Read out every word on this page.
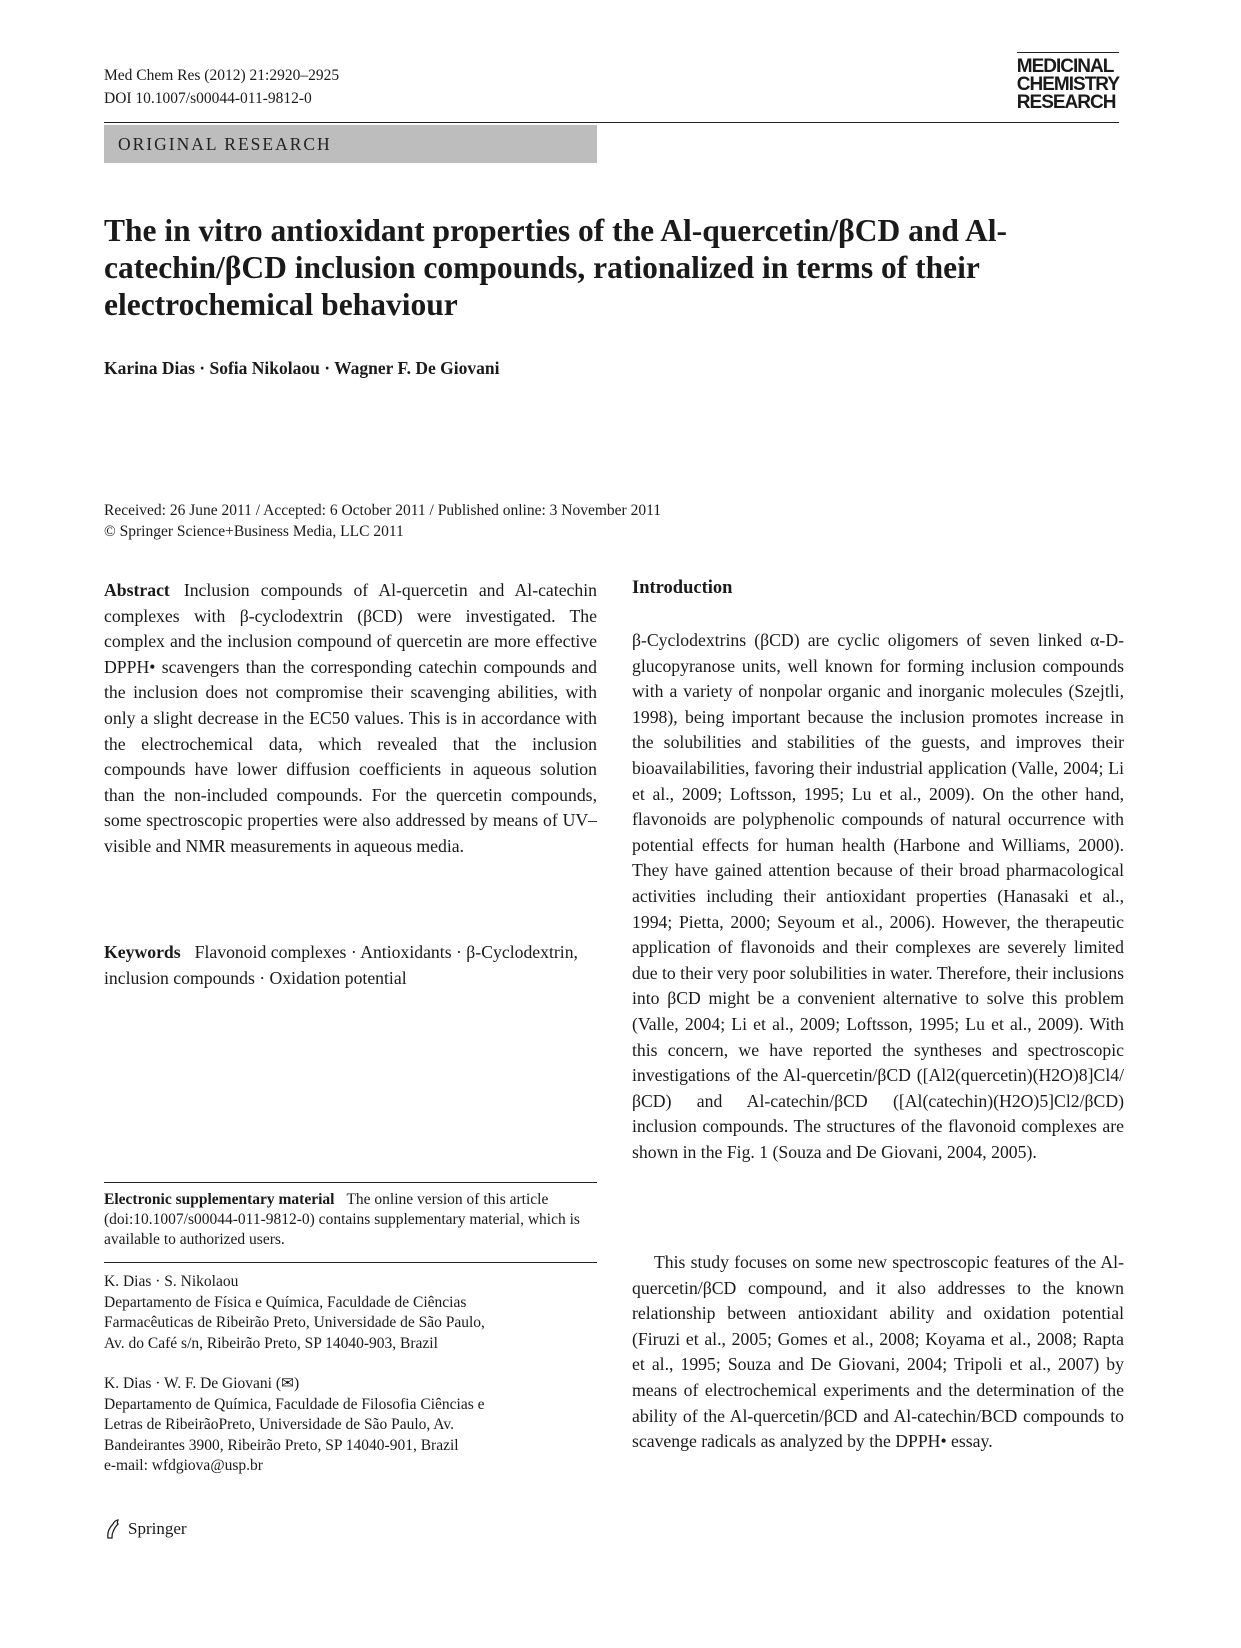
Med Chem Res (2012) 21:2920–2925
DOI 10.1007/s00044-011-9812-0
MEDICINAL
CHEMISTRY
RESEARCH
ORIGINAL RESEARCH
The in vitro antioxidant properties of the Al-quercetin/βCD and Al-catechin/βCD inclusion compounds, rationalized in terms of their electrochemical behaviour
Karina Dias · Sofia Nikolaou · Wagner F. De Giovani
Received: 26 June 2011 / Accepted: 6 October 2011 / Published online: 3 November 2011
© Springer Science+Business Media, LLC 2011
Abstract Inclusion compounds of Al-quercetin and Al-catechin complexes with β-cyclodextrin (βCD) were investigated. The complex and the inclusion compound of quercetin are more effective DPPH• scavengers than the corresponding catechin compounds and the inclusion does not compromise their scavenging abilities, with only a slight decrease in the EC50 values. This is in accordance with the electrochemical data, which revealed that the inclusion compounds have lower diffusion coefficients in aqueous solution than the non-included compounds. For the quercetin compounds, some spectroscopic properties were also addressed by means of UV–visible and NMR measurements in aqueous media.
Keywords Flavonoid complexes · Antioxidants · β-Cyclodextrin, inclusion compounds · Oxidation potential
Electronic supplementary material The online version of this article (doi:10.1007/s00044-011-9812-0) contains supplementary material, which is available to authorized users.
K. Dias · S. Nikolaou
Departamento de Física e Química, Faculdade de Ciências
Farmacêuticas de Ribeirão Preto, Universidade de São Paulo,
Av. do Café s/n, Ribeirão Preto, SP 14040-903, Brazil
K. Dias · W. F. De Giovani (✉)
Departamento de Química, Faculdade de Filosofia Ciências e
Letras de RibeirãoPreto, Universidade de São Paulo, Av.
Bandeirantes 3900, Ribeirão Preto, SP 14040-901, Brazil
e-mail: wfdgiova@usp.br
Introduction
β-Cyclodextrins (βCD) are cyclic oligomers of seven linked α-D-glucopyranose units, well known for forming inclusion compounds with a variety of nonpolar organic and inorganic molecules (Szejtli, 1998), being important because the inclusion promotes increase in the solubilities and stabilities of the guests, and improves their bioavailabilities, favoring their industrial application (Valle, 2004; Li et al., 2009; Loftsson, 1995; Lu et al., 2009). On the other hand, flavonoids are polyphenolic compounds of natural occurrence with potential effects for human health (Harbone and Williams, 2000). They have gained attention because of their broad pharmacological activities including their antioxidant properties (Hanasaki et al., 1994; Pietta, 2000; Seyoum et al., 2006). However, the therapeutic application of flavonoids and their complexes are severely limited due to their very poor solubilities in water. Therefore, their inclusions into βCD might be a convenient alternative to solve this problem (Valle, 2004; Li et al., 2009; Loftsson, 1995; Lu et al., 2009). With this concern, we have reported the syntheses and spectroscopic investigations of the Al-quercetin/βCD ([Al2(quercetin)(H2O)8]Cl4/βCD) and Al-catechin/βCD ([Al(catechin)(H2O)5]Cl2/βCD) inclusion compounds. The structures of the flavonoid complexes are shown in the Fig. 1 (Souza and De Giovani, 2004, 2005).
This study focuses on some new spectroscopic features of the Al-quercetin/βCD compound, and it also addresses to the known relationship between antioxidant ability and oxidation potential (Firuzi et al., 2005; Gomes et al., 2008; Koyama et al., 2008; Rapta et al., 1995; Souza and De Giovani, 2004; Tripoli et al., 2007) by means of electrochemical experiments and the determination of the ability of the Al-quercetin/βCD and Al-catechin/BCD compounds to scavenge radicals as analyzed by the DPPH• essay.
Springer
